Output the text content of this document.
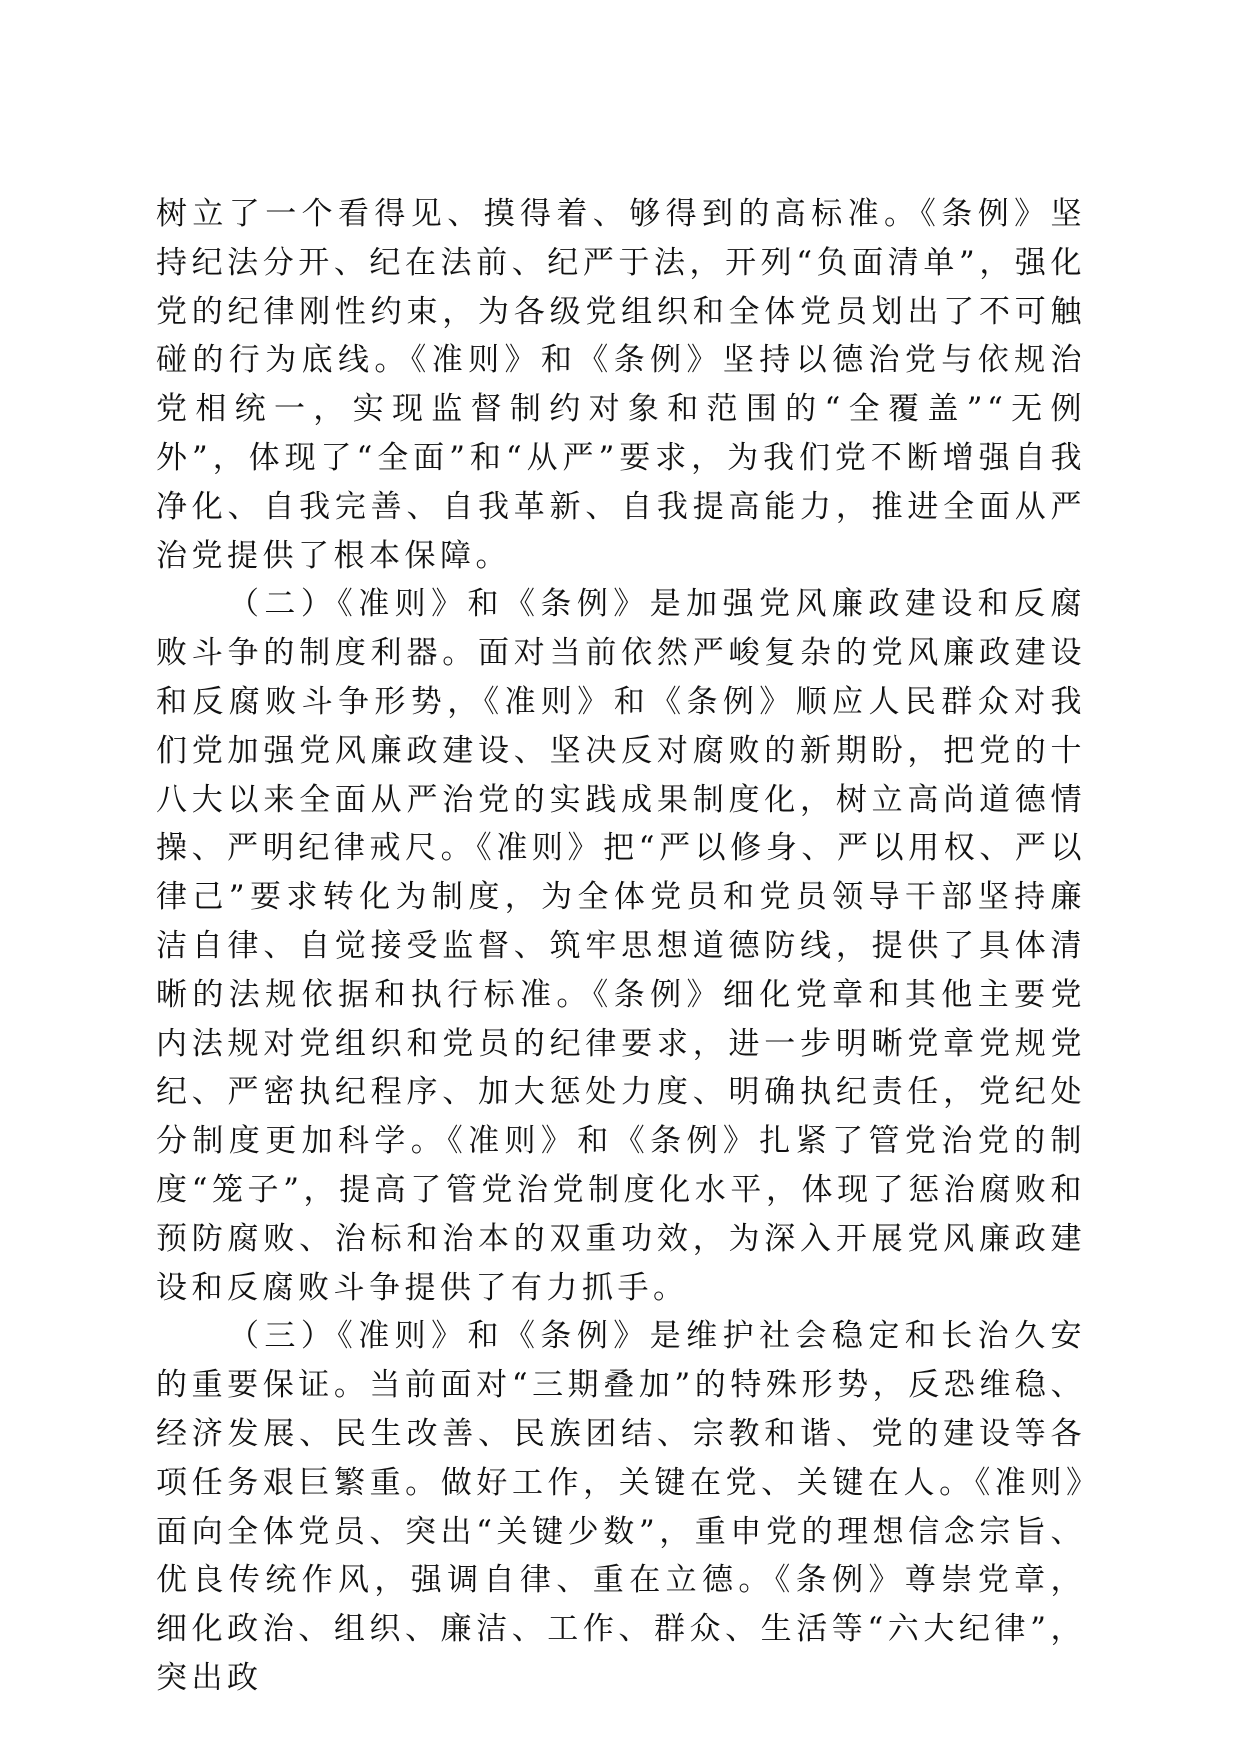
树立了一个看得见、摸得着、够得到的高标准。《条例》坚持纪法分开、纪在法前、纪严于法，开列“负面清单”，强化党的纪律刚性约束，为各级党组织和全体党员划出了不可触碰的行为底线。《准则》和《条例》坚持以德治党与依规治党相统一，实现监督制约对象和范围的“全覆盖”“无例外”，体现了“全面”和“从严”要求，为我们党不断增强自我净化、自我完善、自我革新、自我提高能力，推进全面从严治党提供了根本保障。

（二）《准则》和《条例》是加强党风廉政建设和反腐败斗争的制度利器。面对当前依然严峻复杂的党风廉政建设和反腐败斗争形势，《准则》和《条例》顺应人民群众对我们党加强党风廉政建设、坚决反对腐败的新期盼，把党的十八大以来全面从严治党的实践成果制度化，树立高尚道德情操、严明纪律戒尺。《准则》把“严以修身、严以用权、严以律己”要求转化为制度，为全体党员和党员领导干部坚持廉洁自律、自觉接受监督、筑牢思想道德防线，提供了具体清晰的法规依据和执行标准。《条例》细化党章和其他主要党内法规对党组织和党员的纪律要求，进一步明晰党章党规党纪、严密执纪程序、加大惩处力度、明确执纪责任，党纪处分制度更加科学。《准则》和《条例》扎紧了管党治党的制度“笼子”，提高了管党治党制度化水平，体现了惩治腐败和预防腐败、治标和治本的双重功效，为深入开展党风廉政建设和反腐败斗争提供了有力抓手。

（三）《准则》和《条例》是维护社会稳定和长治久安的重要保证。当前面对“三期叠加”的特殊形势，反恐维稳、经济发展、民生改善、民族团结、宗教和谐、党的建设等各项任务艰巨繁重。做好工作，关键在党、关键在人。《准则》面向全体党员、突出“关键少数”，重申党的理想信念宗旨、优良传统作风，强调自律、重在立德。《条例》尊崇党章，细化政治、组织、廉洁、工作、群众、生活等“六大纪律”，突出政
